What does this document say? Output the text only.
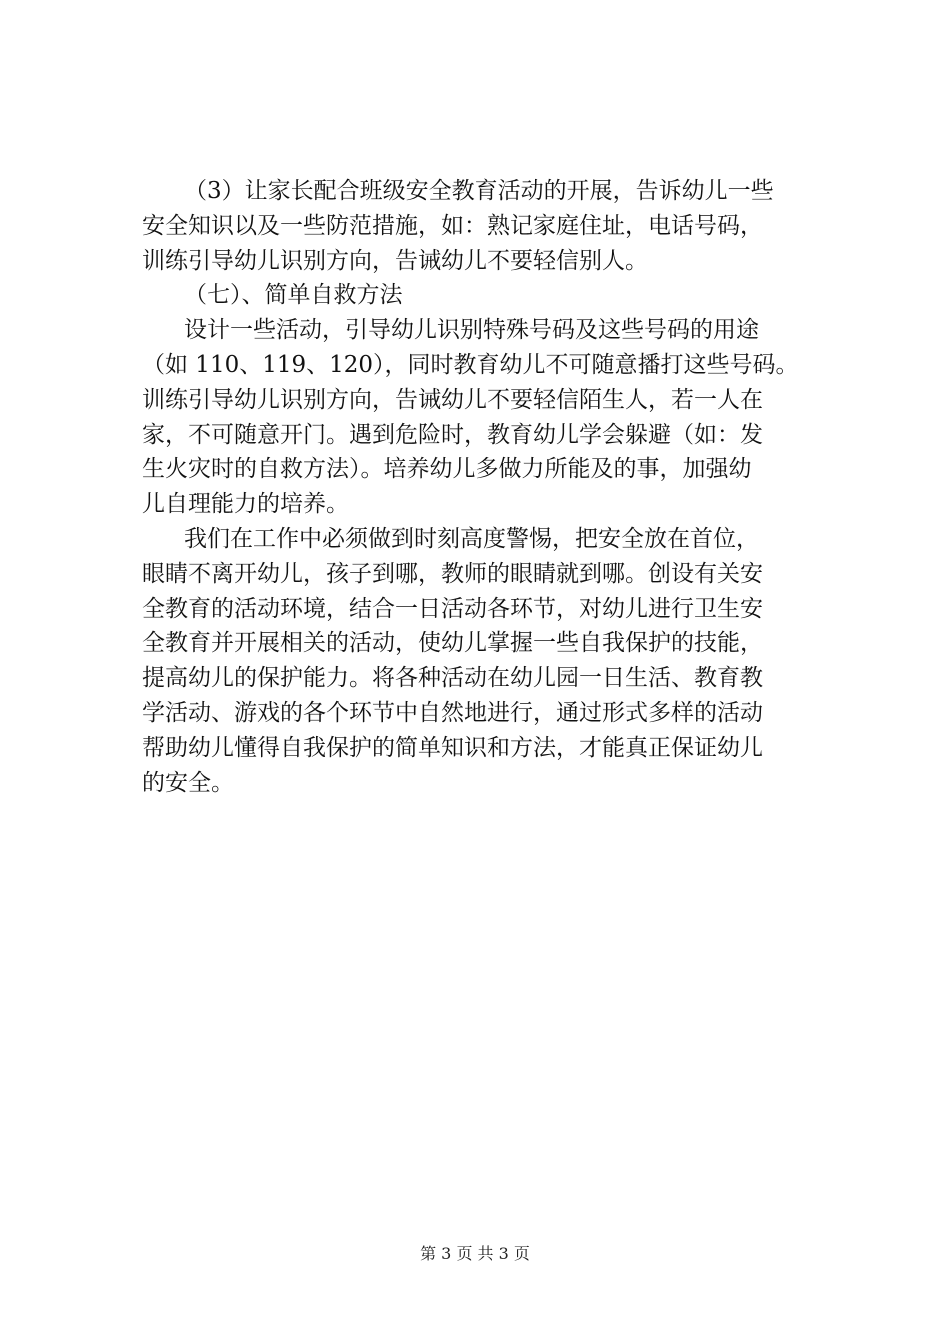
（3）让家长配合班级安全教育活动的开展，告诉幼儿一些
安全知识以及一些防范措施，如：熟记家庭住址，电话号码，
训练引导幼儿识别方向，告诫幼儿不要轻信别人。
（七）、简单自救方法
设计一些活动，引导幼儿识别特殊号码及这些号码的用途
（如 110、119、120），同时教育幼儿不可随意播打这些号码。
训练引导幼儿识别方向，告诫幼儿不要轻信陌生人，若一人在
家，不可随意开门。遇到危险时，教育幼儿学会躲避（如：发
生火灾时的自救方法）。培养幼儿多做力所能及的事，加强幼
儿自理能力的培养。
我们在工作中必须做到时刻高度警惕，把安全放在首位，
眼睛不离开幼儿，孩子到哪，教师的眼睛就到哪。创设有关安
全教育的活动环境，结合一日活动各环节，对幼儿进行卫生安
全教育并开展相关的活动，使幼儿掌握一些自我保护的技能，
提高幼儿的保护能力。将各种活动在幼儿园一日生活、教育教
学活动、游戏的各个环节中自然地进行，通过形式多样的活动
帮助幼儿懂得自我保护的简单知识和方法，才能真正保证幼儿
的安全。
第 3 页 共 3 页
